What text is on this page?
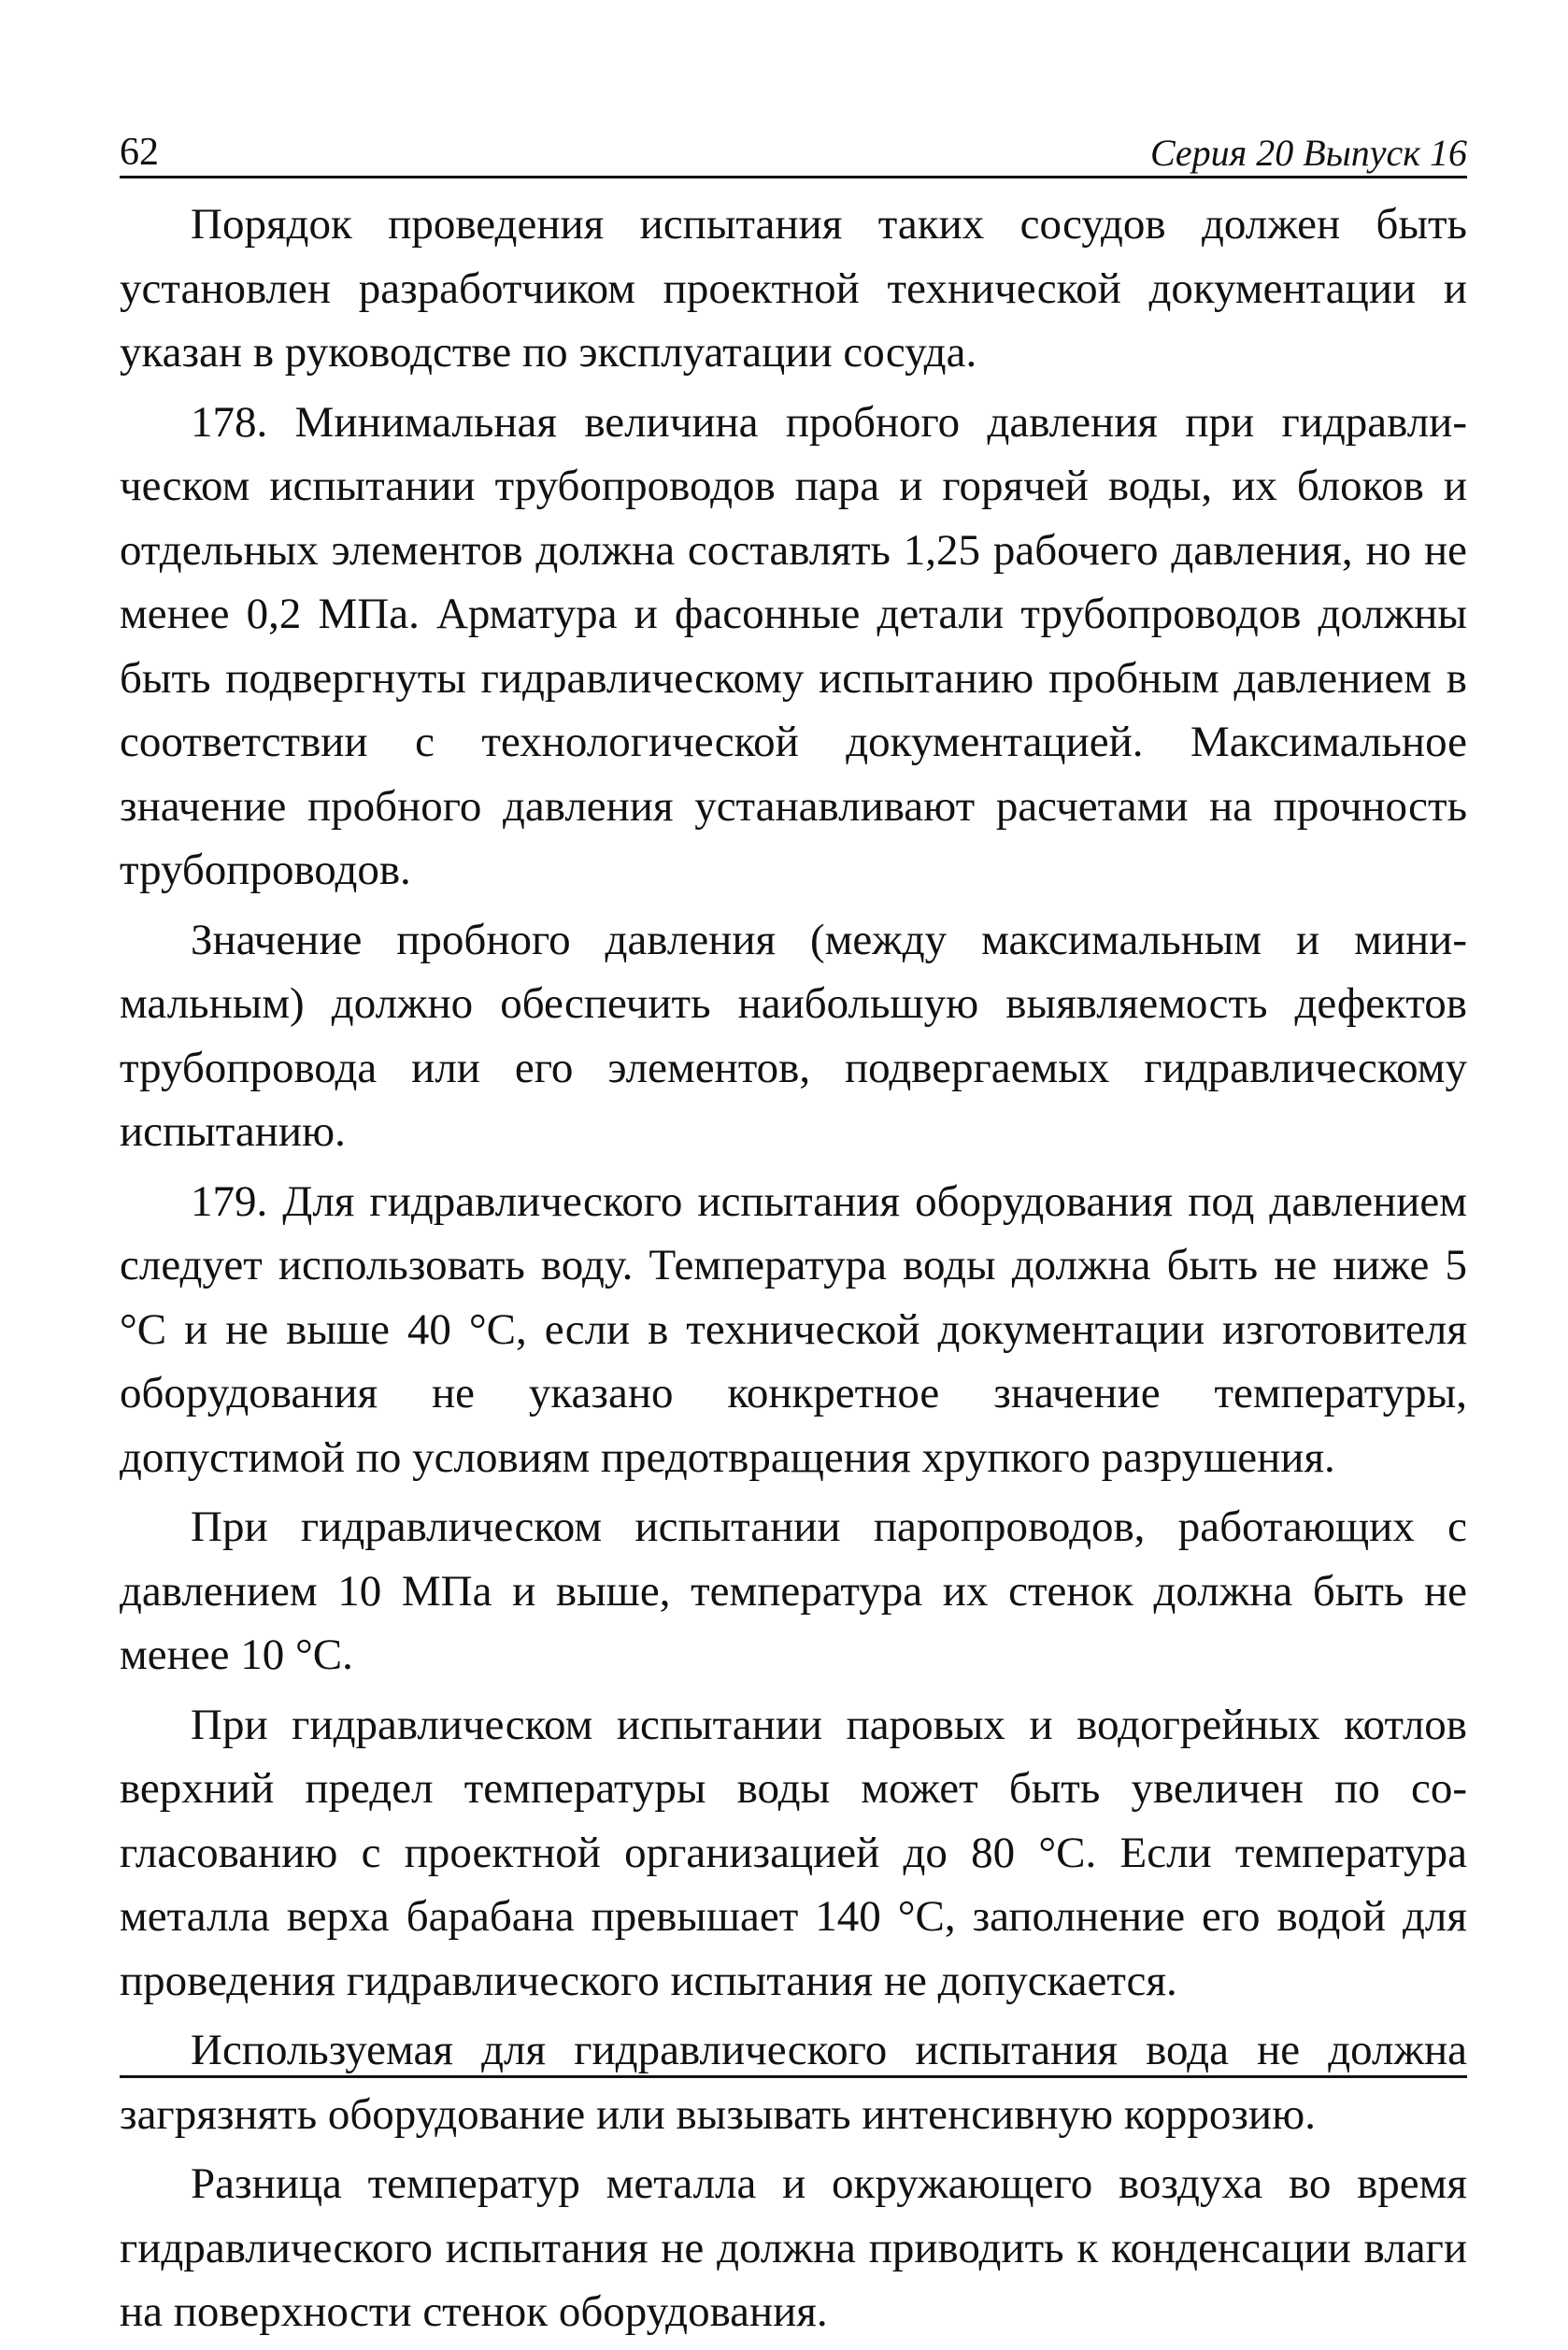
62	Серия 20 Выпуск 16

Порядок проведения испытания таких сосудов должен быть установлен разработчиком проектной технической документации и указан в руководстве по эксплуатации сосуда.

178. Минимальная величина пробного давления при гидравлическом испытании трубопроводов пара и горячей воды, их блоков и отдельных элементов должна составлять 1,25 рабочего давления, но не менее 0,2 МПа. Арматура и фасонные детали трубопроводов должны быть подвергнуты гидравлическому испытанию пробным давлением в соответствии с технологической документацией. Максимальное значение пробного давления устанавливают расчетами на прочность трубопроводов.

Значение пробного давления (между максимальным и минимальным) должно обеспечить наибольшую выявляемость дефектов трубопровода или его элементов, подвергаемых гидравлическому испытанию.

179. Для гидравлического испытания оборудования под давлением следует использовать воду. Температура воды должна быть не ниже 5 °С и не выше 40 °С, если в технической документации изготовителя оборудования не указано конкретное значение температуры, допустимой по условиям предотвращения хрупкого разрушения.

При гидравлическом испытании паропроводов, работающих с давлением 10 МПа и выше, температура их стенок должна быть не менее 10 °С.

При гидравлическом испытании паровых и водогрейных котлов верхний предел температуры воды может быть увеличен по согласованию с проектной организацией до 80 °С. Если температура металла верха барабана превышает 140 °С, заполнение его водой для проведения гидравлического испытания не допускается.

Используемая для гидравлического испытания вода не должна загрязнять оборудование или вызывать интенсивную коррозию.

Разница температур металла и окружающего воздуха во время гидравлического испытания не должна приводить к конденсации влаги на поверхности стенок оборудования.
